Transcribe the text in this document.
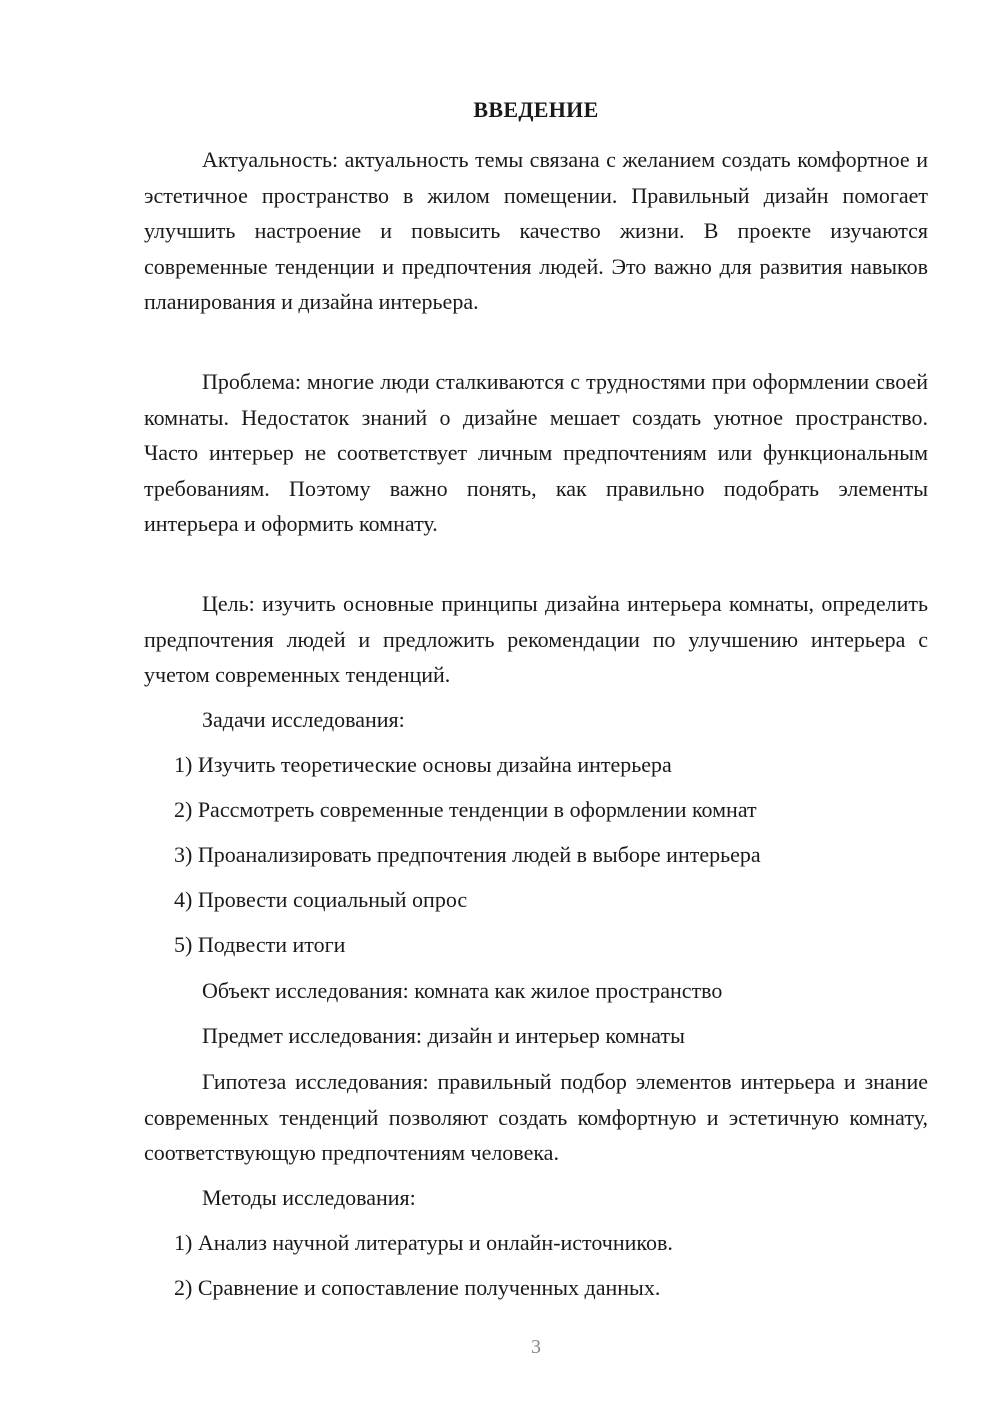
ВВЕДЕНИЕ

Актуальность: актуальность темы связана с желанием создать комфортное и эстетичное пространство в жилом помещении. Правильный дизайн помогает улучшить настроение и повысить качество жизни. В проекте изучаются современные тенденции и предпочтения людей. Это важно для развития навыков планирования и дизайна интерьера.

Проблема: многие люди сталкиваются с трудностями при оформлении своей комнаты. Недостаток знаний о дизайне мешает создать уютное пространство. Часто интерьер не соответствует личным предпочтениям или функциональным требованиям. Поэтому важно понять, как правильно подобрать элементы интерьера и оформить комнату.

Цель: изучить основные принципы дизайна интерьера комнаты, определить предпочтения людей и предложить рекомендации по улучшению интерьера с учетом современных тенденций.

Задачи исследования:

1) Изучить теоретические основы дизайна интерьера

2) Рассмотреть современные тенденции в оформлении комнат

3) Проанализировать предпочтения людей в выборе интерьера

4) Провести социальный опрос

5) Подвести итоги

Объект исследования: комната как жилое пространство

Предмет исследования: дизайн и интерьер комнаты

Гипотеза исследования: правильный подбор элементов интерьера и знание современных тенденций позволяют создать комфортную и эстетичную комнату, соответствующую предпочтениям человека.

Методы исследования:

1) Анализ научной литературы и онлайн-источников.

2) Сравнение и сопоставление полученных данных.

3
